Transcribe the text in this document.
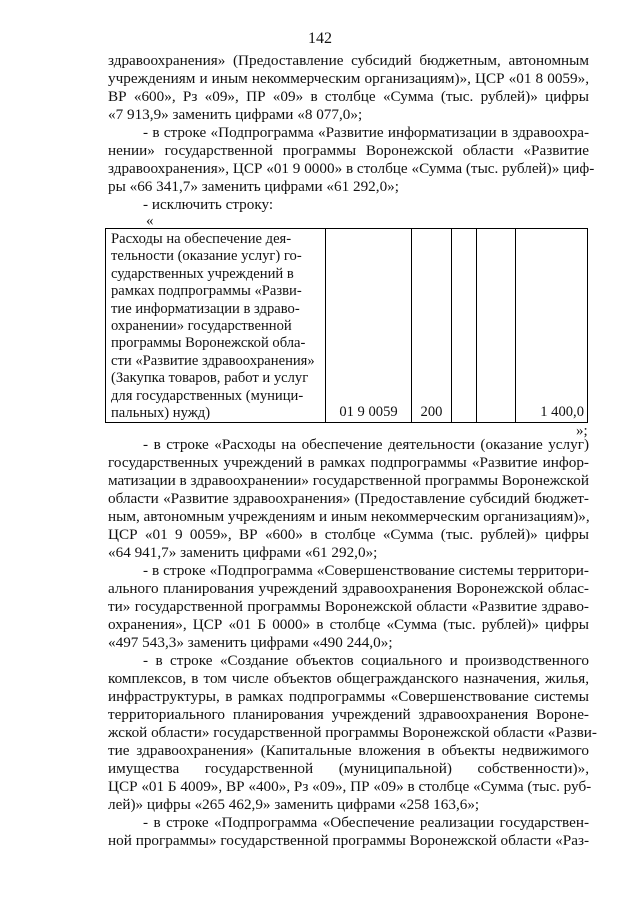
142
здравоохранения» (Предоставление субсидий бюджетным, автономным
учреждениям и иным некоммерческим организациям)», ЦСР «01 8 0059»,
ВР «600», Рз «09», ПР «09» в столбце «Сумма (тыс. рублей)» цифры
«7 913,9» заменить цифрами «8 077,0»;
- в строке «Подпрограмма «Развитие информатизации в здравоохра-
нении» государственной программы Воронежской области «Развитие
здравоохранения», ЦСР «01 9 0000» в столбце «Сумма (тыс. рублей)» циф-
ры «66 341,7» заменить цифрами «61 292,0»;
- исключить строку:
«
Расходы на обеспечение дея-
тельности (оказание услуг) го-
сударственных учреждений в
рамках подпрограммы «Разви-
тие информатизации в здраво-
охранении» государственной
программы Воронежской обла-
сти «Развитие здравоохранения»
(Закупка товаров, работ и услуг
для государственных (муници-
пальных) нужд)	01 9 0059	200			1 400,0
»;
- в строке «Расходы на обеспечение деятельности (оказание услуг)
государственных учреждений в рамках подпрограммы «Развитие инфор-
матизации в здравоохранении» государственной программы Воронежской
области «Развитие здравоохранения» (Предоставление субсидий бюджет-
ным, автономным учреждениям и иным некоммерческим организациям)»,
ЦСР «01 9 0059», ВР «600» в столбце «Сумма (тыс. рублей)» цифры
«64 941,7» заменить цифрами «61 292,0»;
- в строке «Подпрограмма «Совершенствование системы территори-
ального планирования учреждений здравоохранения Воронежской облас-
ти» государственной программы Воронежской области «Развитие здраво-
охранения», ЦСР «01 Б 0000» в столбце «Сумма (тыс. рублей)» цифры
«497 543,3» заменить цифрами «490 244,0»;
- в строке «Создание объектов социального и производственного
комплексов, в том числе объектов общегражданского назначения, жилья,
инфраструктуры, в рамках подпрограммы «Совершенствование системы
территориального планирования учреждений здравоохранения Вороне-
жской области» государственной программы Воронежской области «Разви-
тие здравоохранения» (Капитальные вложения в объекты недвижимого
имущества государственной (муниципальной) собственности)»,
ЦСР «01 Б 4009», ВР «400», Рз «09», ПР «09» в столбце «Сумма (тыс. руб-
лей)» цифры «265 462,9» заменить цифрами «258 163,6»;
- в строке «Подпрограмма «Обеспечение реализации государствен-
ной программы» государственной программы Воронежской области «Раз-
